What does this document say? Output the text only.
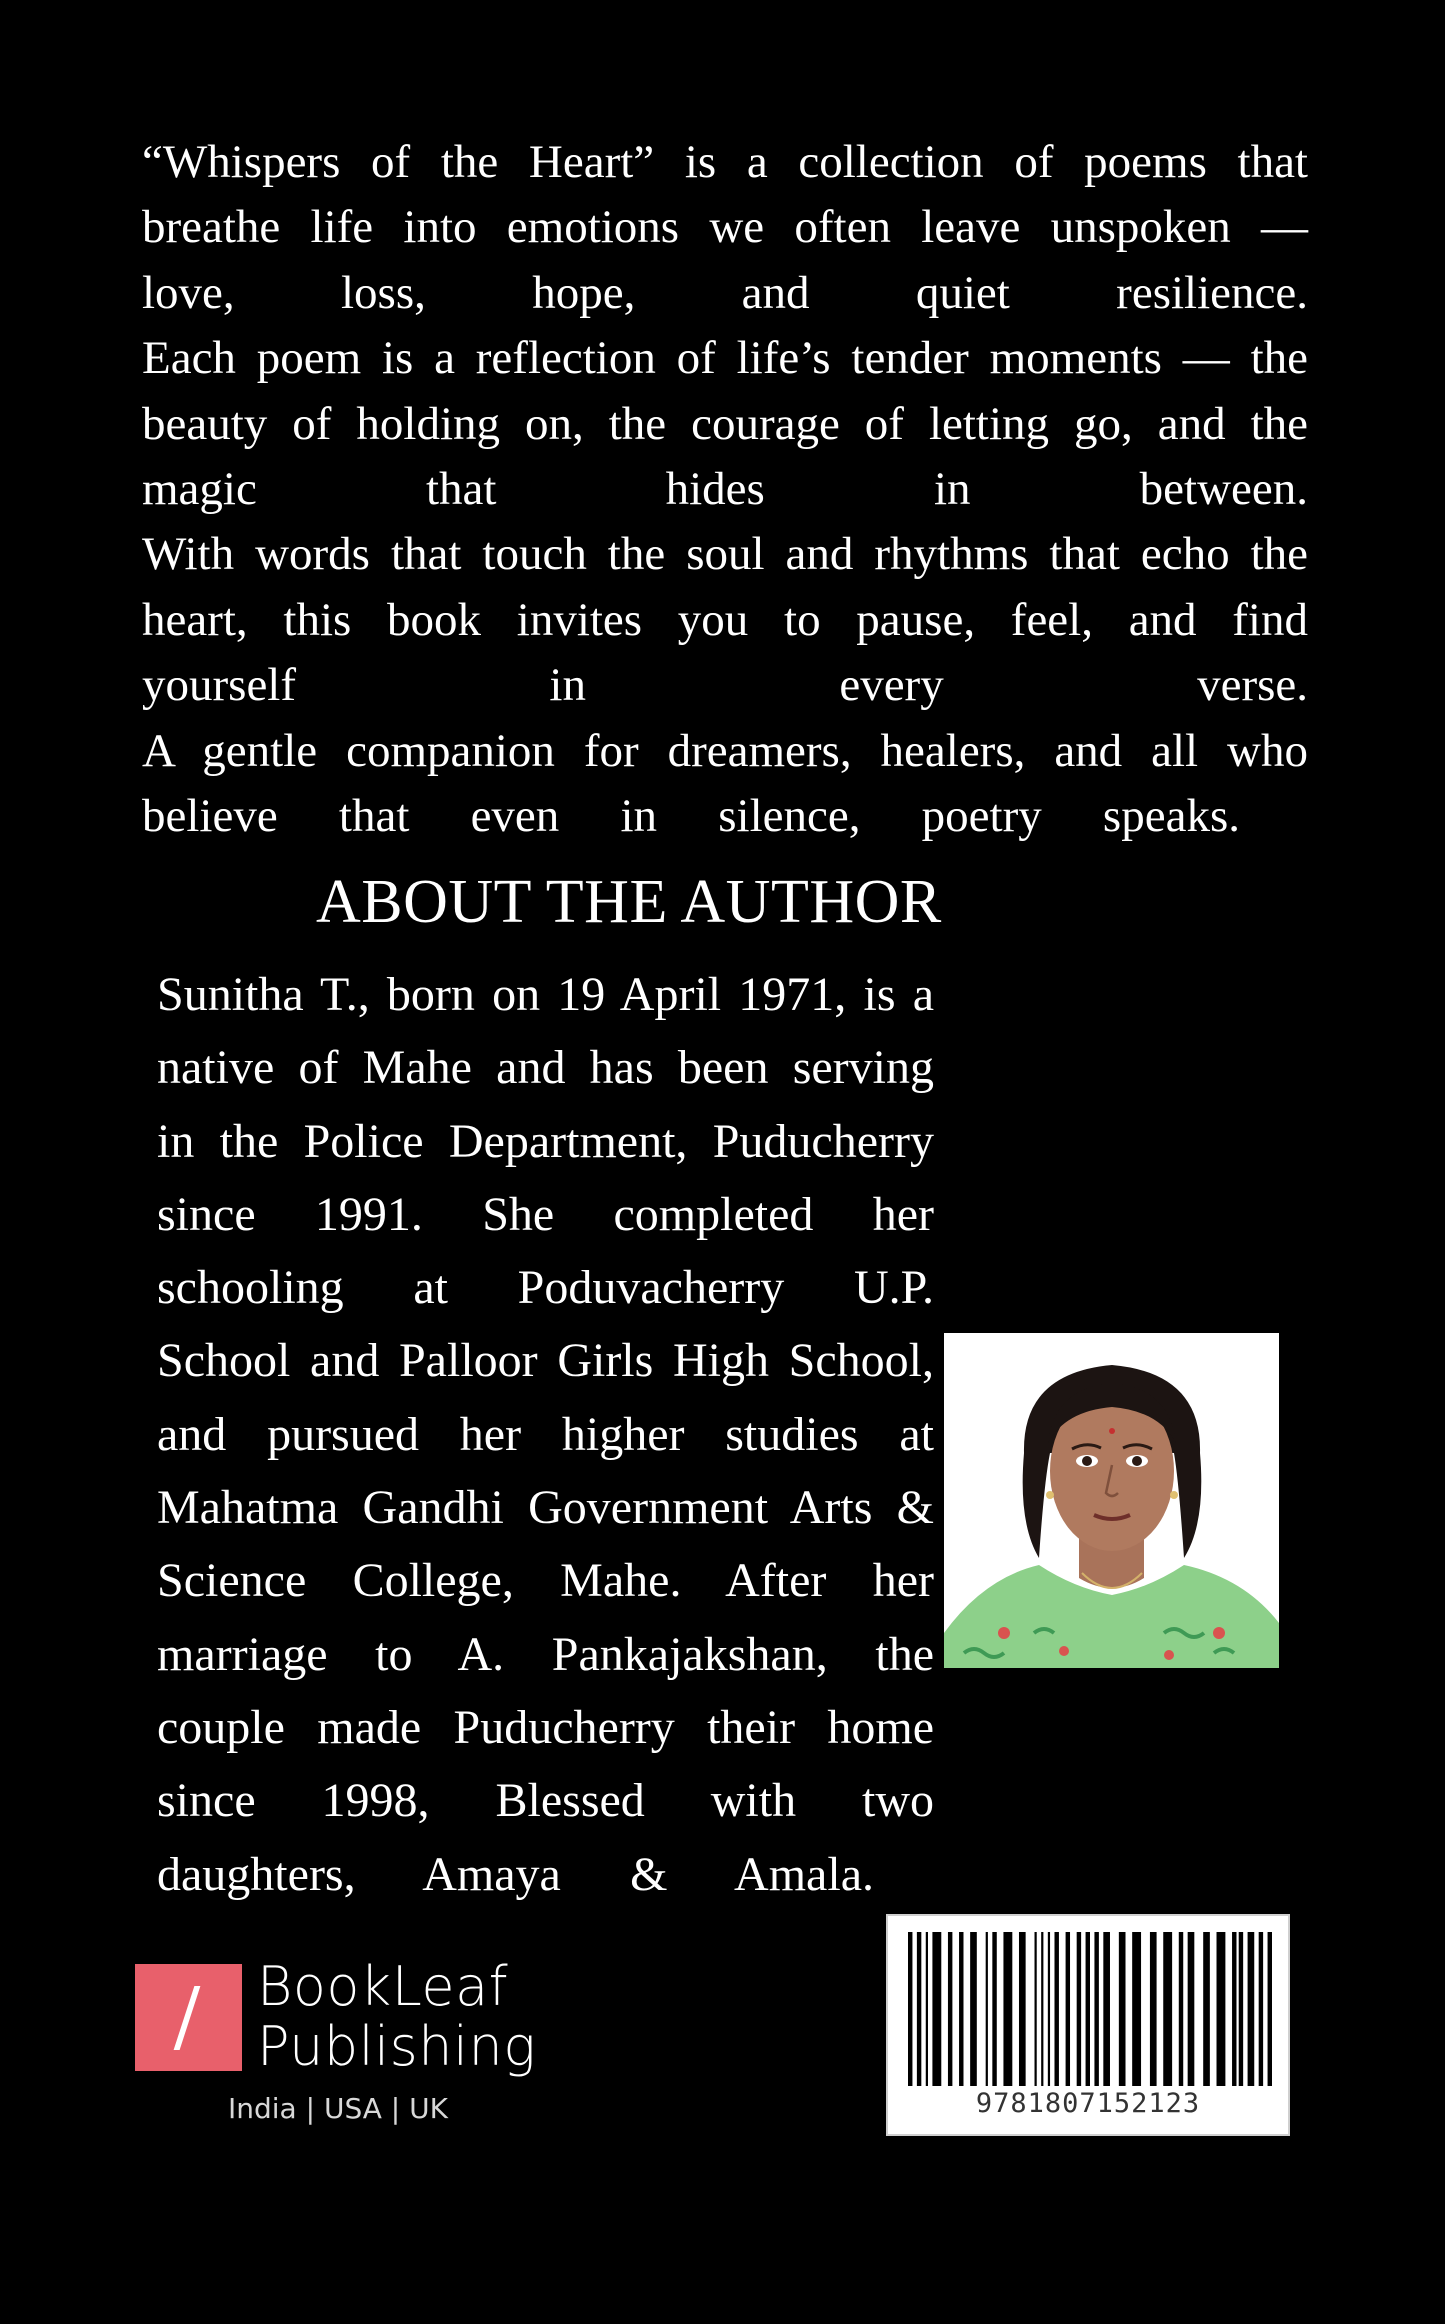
“Whispers of the Heart” is a collection of poems that
breathe life into emotions we often leave unspoken —
love, loss, hope, and quiet resilience.
Each poem is a reflection of life’s tender moments — the
beauty of holding on, the courage of letting go, and the
magic that hides in between.
With words that touch the soul and rhythms that echo the
heart, this book invites you to pause, feel, and find
yourself in every verse.
A gentle companion for dreamers, healers, and all who
believe that even in silence, poetry speaks.
ABOUT THE AUTHOR
Sunitha T., born on 19 April 1971, is a
native of Mahe and has been serving
in the Police Department, Puducherry
since 1991. She completed her
schooling at Poduvacherry U.P.
School and Palloor Girls High School,
and pursued her higher studies at
Mahatma Gandhi Government Arts &
Science College, Mahe. After her
marriage to A. Pankajakshan, the
couple made Puducherry their home
since 1998, Blessed with two
daughters, Amaya & Amala.
BookLeaf
Publishing
India | USA | UK	9781807152123
